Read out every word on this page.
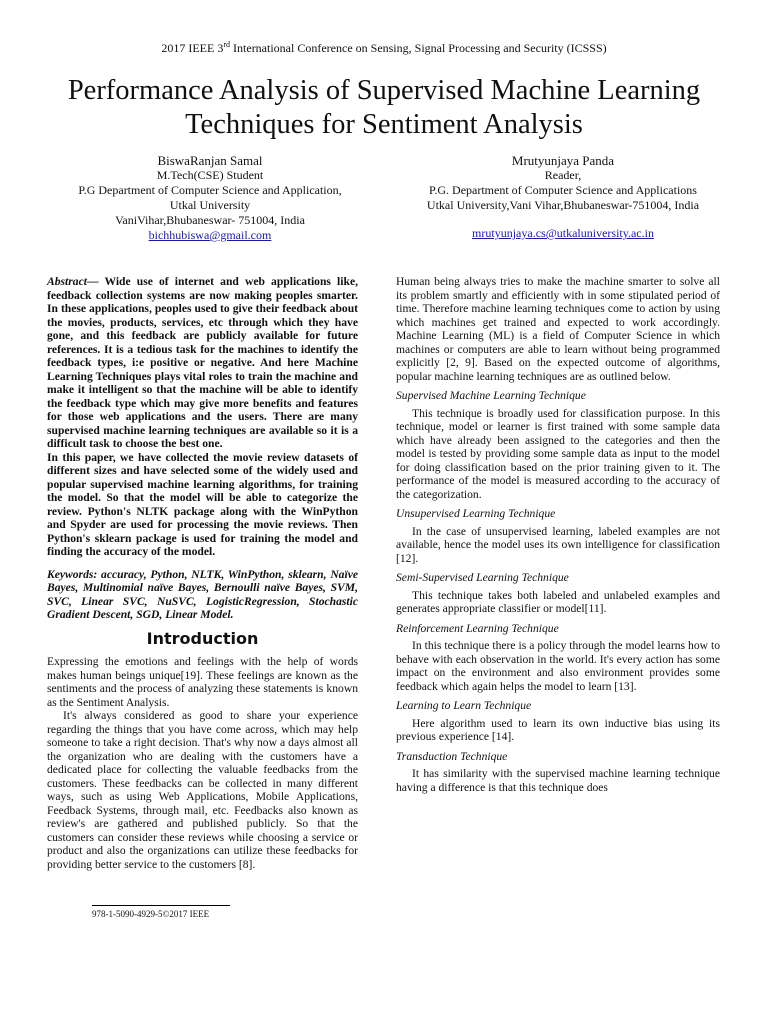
2017 IEEE 3rd International Conference on Sensing, Signal Processing and Security (ICSSS)
Performance Analysis of Supervised Machine Learning Techniques for Sentiment Analysis
BiswaRanjan Samal
M.Tech(CSE) Student
P.G Department of Computer Science and Application,
Utkal University
VaniVihar,Bhubaneswar- 751004, India
bichhubiswa@gmail.com
Mrutyunjaya Panda
Reader,
P.G. Department of Computer Science and Applications
Utkal University,Vani Vihar,Bhubaneswar-751004, India
mrutyunjaya.cs@utkaluniversity.ac.in

Abstract— Wide use of internet and web applications like, feedback collection systems are now making peoples smarter. In these applications, peoples used to give their feedback about the movies, products, services, etc through which they have gone, and this feedback are publicly available for future references. It is a tedious task for the machines to identify the feedback types, i:e positive or negative. And here Machine Learning Techniques plays vital roles to train the machine and make it intelligent so that the machine will be able to identify the feedback type which may give more benefits and features for those web applications and the users. There are many supervised machine learning techniques are available so it is a difficult task to choose the best one.

In this paper, we have collected the movie review datasets of different sizes and have selected some of the widely used and popular supervised machine learning algorithms, for training the model. So that the model will be able to categorize the review. Python's NLTK package along with the WinPython and Spyder are used for processing the movie reviews. Then Python's sklearn package is used for training the model and finding the accuracy of the model.

Keywords: accuracy, Python, NLTK, WinPython, sklearn, Naïve Bayes, Multinomial naïve Bayes, Bernoulli naïve Bayes, SVM, SVC, Linear SVC, NuSVC, LogisticRegression, Stochastic Gradient Descent, SGD, Linear Model.

Introduction

Expressing the emotions and feelings with the help of words makes human beings unique[19]. These feelings are known as the sentiments and the process of analyzing these statements is known as the Sentiment Analysis.

It's always considered as good to share your experience regarding the things that you have come across, which may help someone to take a right decision. That's why now a days almost all the organization who are dealing with the customers have a dedicated place for collecting the valuable feedbacks from the customers. These feedbacks can be collected in many different ways, such as using Web Applications, Mobile Applications, Feedback Systems, through mail, etc. Feedbacks also known as review's are gathered and published publicly. So that the customers can consider these reviews while choosing a service or product and also the organizations can utilize these feedbacks for providing better service to the customers [8].

Human being always tries to make the machine smarter to solve all its problem smartly and efficiently with in some stipulated period of time. Therefore machine learning techniques come to action by using which machines get trained and expected to work accordingly. Machine Learning (ML) is a field of Computer Science in which machines or computers are able to learn without being programmed explicitly [2, 9]. Based on the expected outcome of algorithms, popular machine learning techniques are as outlined below.

Supervised Machine Learning Technique

This technique is broadly used for classification purpose. In this technique, model or learner is first trained with some sample data which have already been assigned to the categories and then the model is tested by providing some sample data as input to the model for doing classification based on the prior training given to it. The performance of the model is measured according to the accuracy of the categorization.

Unsupervised Learning Technique

In the case of unsupervised learning, labeled examples are not available, hence the model uses its own intelligence for classification [12].

Semi-Supervised Learning Technique

This technique takes both labeled and unlabeled examples and generates appropriate classifier or model[11].

Reinforcement Learning Technique

In this technique there is a policy through the model learns how to behave with each observation in the world. It's every action has some impact on the environment and also environment provides some feedback which again helps the model to learn [13].

Learning to Learn Technique

Here algorithm used to learn its own inductive bias using its previous experience [14].

Transduction Technique

It has similarity with the supervised machine learning technique having a difference is that this technique does

978-1-5090-4929-5©2017 IEEE
